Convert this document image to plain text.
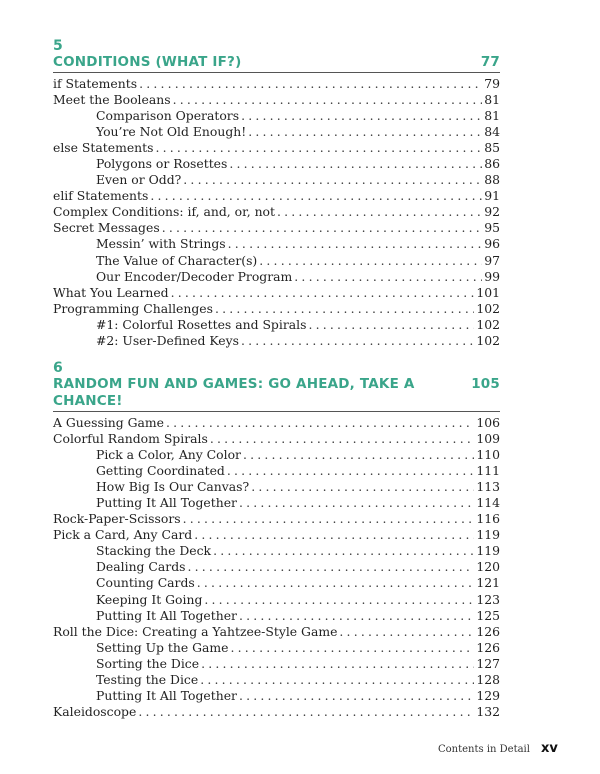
5
CONDITIONS (WHAT IF?)	77
if Statements .....	79
Meet the Booleans .....	81
Comparison Operators .....	81
You’re Not Old Enough! .....	84
else Statements .....	85
Polygons or Rosettes .....	86
Even or Odd? .....	88
elif Statements .....	91
Complex Conditions: if, and, or, not .....	92
Secret Messages .....	95
Messin’ with Strings .....	96
The Value of Character(s) .....	97
Our Encoder/Decoder Program .....	99
What You Learned .....	101
Programming Challenges .....	102
#1: Colorful Rosettes and Spirals .....	102
#2: User-Defined Keys .....	102
6
RANDOM FUN AND GAMES: GO AHEAD, TAKE A CHANCE!
105
A Guessing Game .....	106
Colorful Random Spirals .....	109
Pick a Color, Any Color .....	110
Getting Coordinated .....	111
How Big Is Our Canvas? .....	113
Putting It All Together .....	114
Rock-Paper-Scissors .....	116
Pick a Card, Any Card .....	119
Stacking the Deck .....	119
Dealing Cards .....	120
Counting Cards .....	121
Keeping It Going .....	123
Putting It All Together .....	125
Roll the Dice: Creating a Yahtzee-Style Game .....	126
Setting Up the Game .....	126
Sorting the Dice .....	127
Testing the Dice .....	128
Putting It All Together .....	129
Kaleidoscope .....	132
Contents in Detail xv
